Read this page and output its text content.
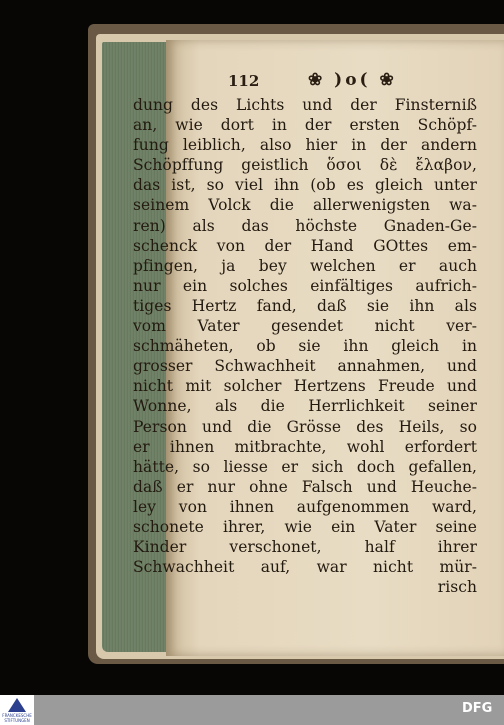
112	❀ )o( ❀
dung des Lichts und der Finsterniß
an, wie dort in der ersten Schöpf-
fung leiblich, also hier in der andern
Schöpffung geistlich ὅσοι δὲ ἔλαβον,
das ist, so viel ihn (ob es gleich unter
seinem Volck die allerwenigsten wa-
ren) als das höchste Gnaden-Ge-
schenck von der Hand GOttes em-
pfingen, ja bey welchen er auch
nur ein solches einfältiges aufrich-
tiges Hertz fand, daß sie ihn als
vom Vater gesendet nicht ver-
schmäheten, ob sie ihn gleich in
grosser Schwachheit annahmen, und
nicht mit solcher Hertzens Freude und
Wonne, als die Herrlichkeit seiner
Person und die Grösse des Heils, so
er ihnen mitbrachte, wohl erfordert
hätte, so liesse er sich doch gefallen,
daß er nur ohne Falsch und Heuche-
ley von ihnen aufgenommen ward,
schonete ihrer, wie ein Vater seine
Kinder verschonet, half ihrer
Schwachheit auf, war nicht mür-
risch
FRANCKESCHE
STIFTUNGEN
DFG
